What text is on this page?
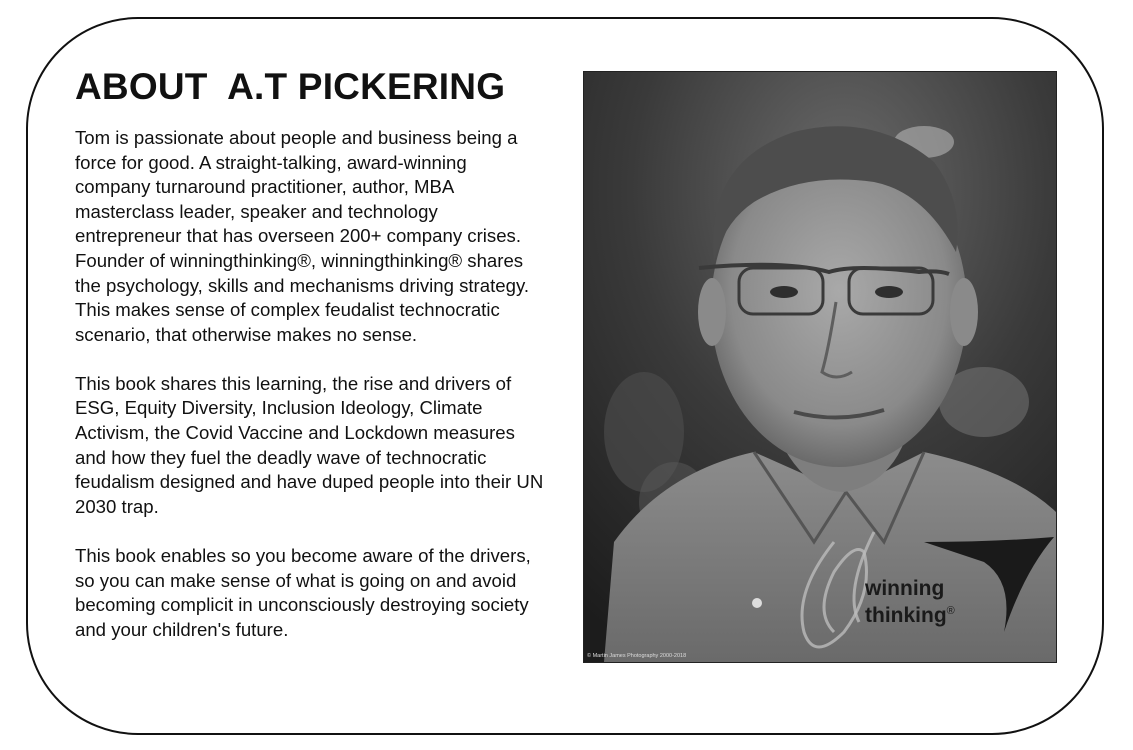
ABOUT  A.T PICKERING

Tom is passionate about people and business being a force for good. A straight-talking, award-winning company turnaround practitioner, author, MBA masterclass leader, speaker and technology entrepreneur that has overseen 200+ company crises. Founder of winningthinking®, winningthinking® shares the psychology, skills and mechanisms driving strategy. This makes sense of complex feudalist technocratic scenario, that otherwise makes no sense.

This book shares this learning, the rise and drivers of ESG, Equity Diversity, Inclusion Ideology, Climate Activism, the Covid Vaccine and Lockdown measures and how they fuel the deadly wave of technocratic feudalism designed and have duped people into their UN 2030 trap.

This book enables so you become aware of the drivers, so you can make sense of what is going on and avoid becoming complicit in unconsciously destroying society and your children's future.

© Martin James Photography 2000-2018
winning
thinking®
